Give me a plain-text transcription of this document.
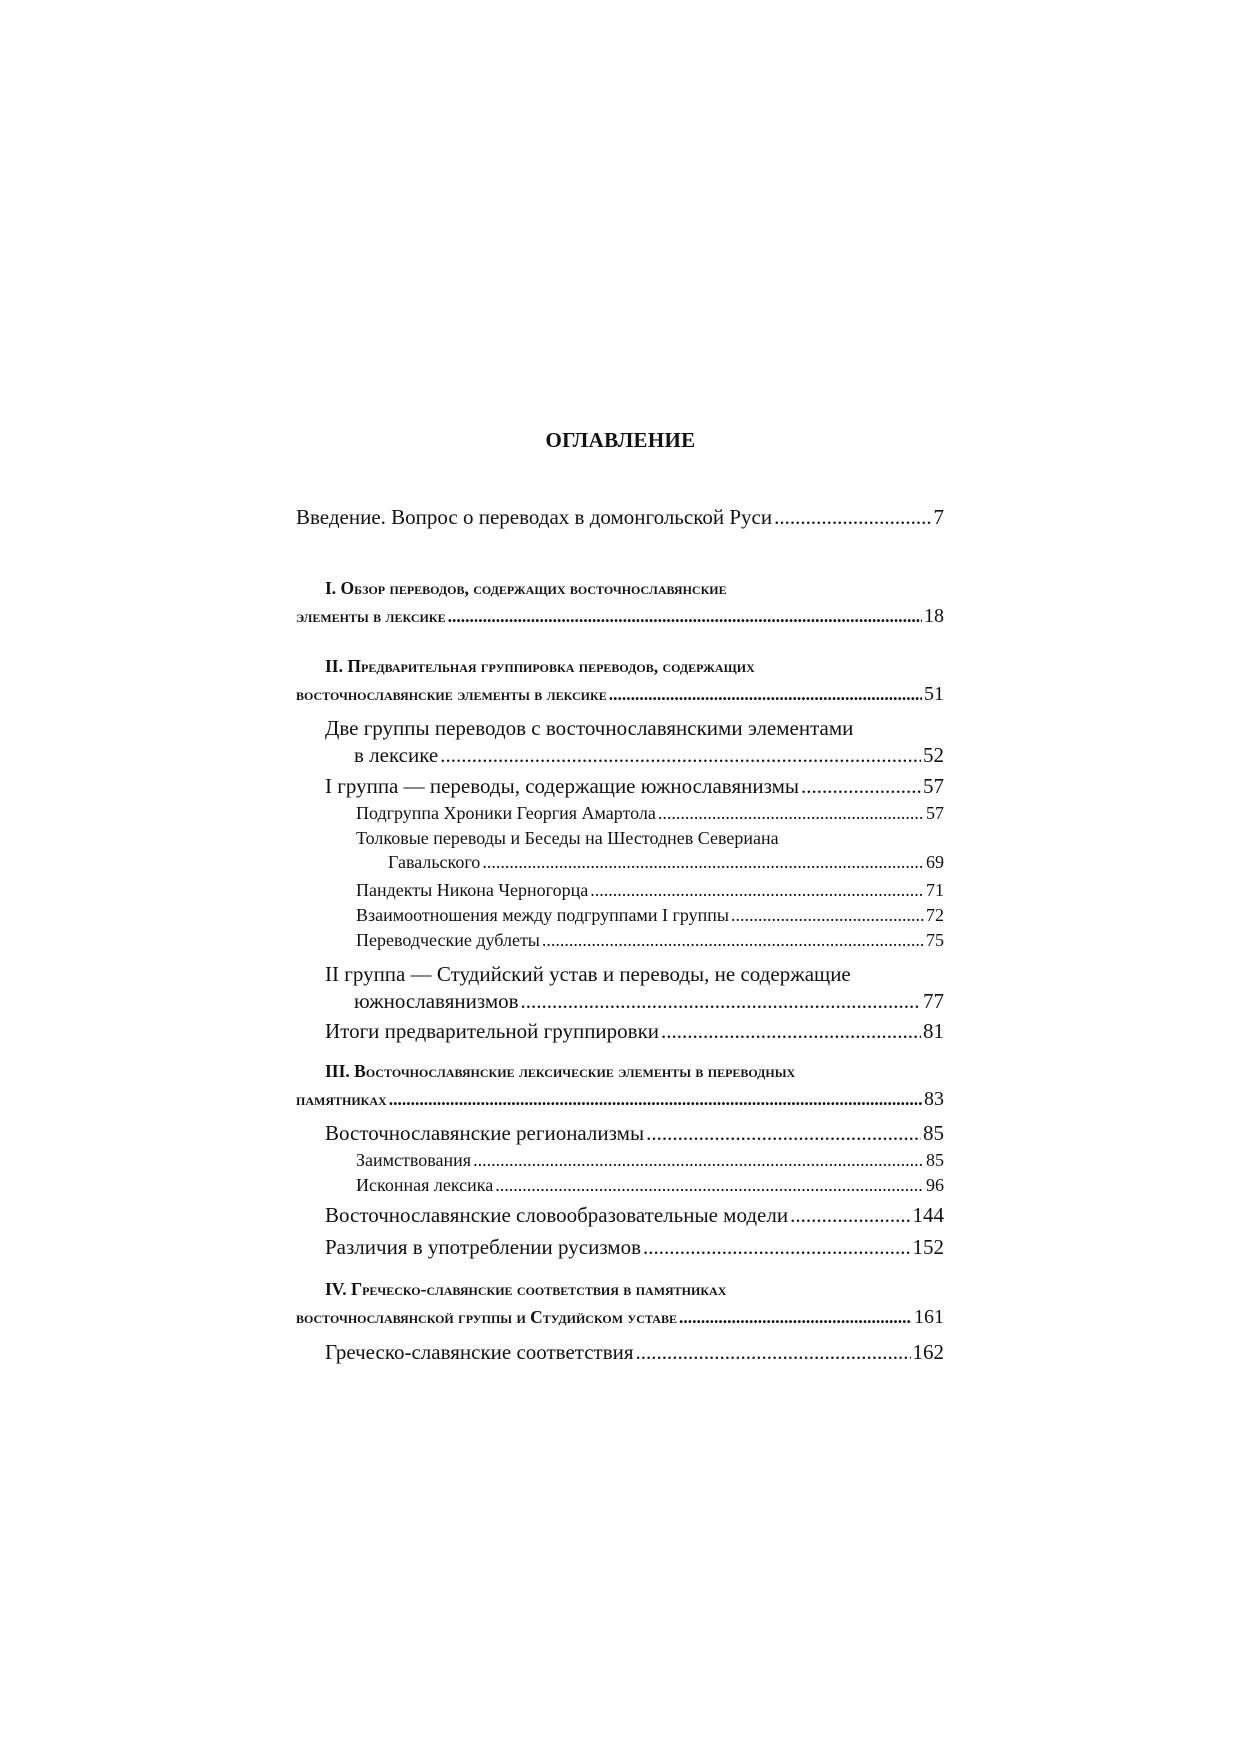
ОГЛАВЛЕНИЕ
Введение. Вопрос о переводах в домонгольской Руси .....	7
I. Обзор переводов, содержащих восточнославянские
элементы в лексике .....	18
II. Предварительная группировка переводов, содержащих
восточнославянские элементы в лексике .....	51
Две группы переводов с восточнославянскими элементами
в лексике .....	52
I группа — переводы, содержащие южнославянизмы .....	57
Подгруппа Хроники Георгия Амартола .....	57
Толковые переводы и Беседы на Шестоднев Севериана
Гавальского .....	69
Пандекты Никона Черногорца .....	71
Взаимоотношения между подгруппами I группы .....	72
Переводческие дублеты .....	75
II группа — Студийский устав и переводы, не содержащие
южнославянизмов .....	77
Итоги предварительной группировки .....	81
III. Восточнославянские лексические элементы в переводных
памятниках .....	83
Восточнославянские регионализмы .....	85
Заимствования .....	85
Исконная лексика .....	96
Восточнославянские словообразовательные модели .....	144
Различия в употреблении русизмов .....	152
IV. Греческо-славянские соответствия в памятниках
восточнославянской группы и Студийском уставе .....	161
Греческо-славянские соответствия .....	162
